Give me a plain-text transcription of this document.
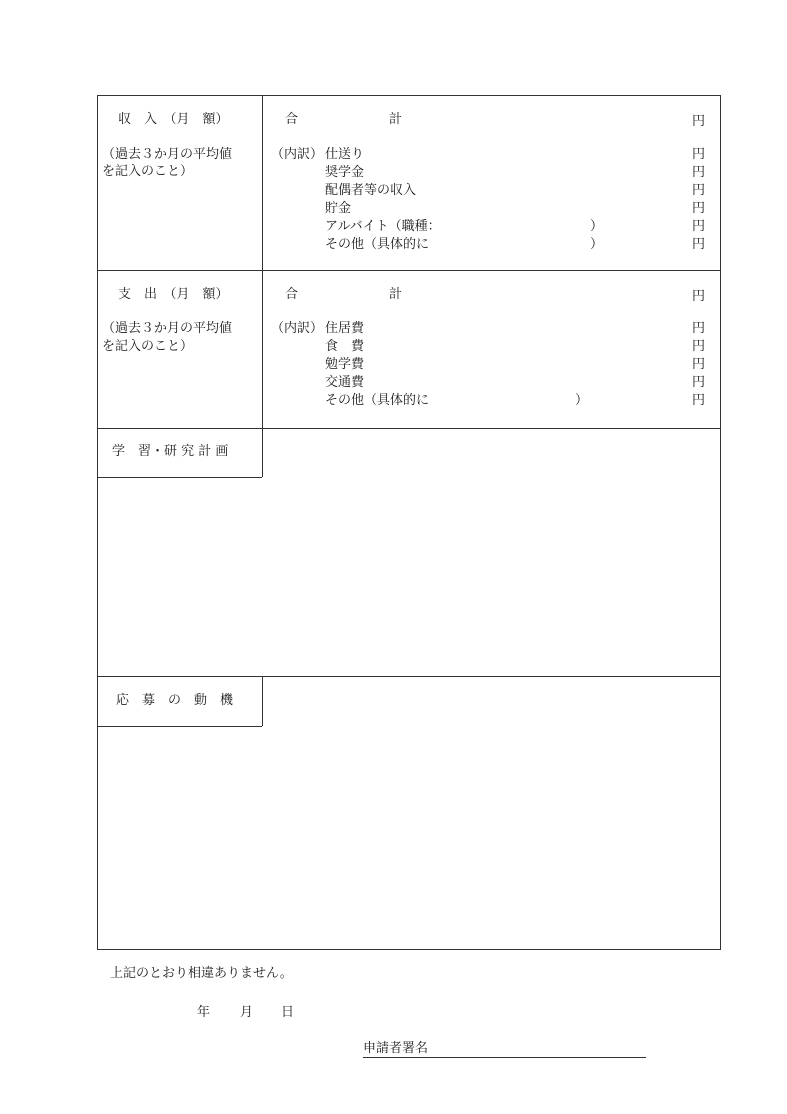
収　入　（月　額）
（過去３か月の平均値
を記入のこと）
合　　　　　　　計	円
（内訳） 仕送り	円
奨学金	円
配偶者等の収入	円
貯金	円
アルバイト（職種：	）	円
その他（具体的に	）	円
支　出　（月　額）
（過去３か月の平均値
を記入のこと）
合　　　　　　　計	円
（内訳） 住居費	円
食　費	円
勉学費	円
交通費	円
その他（具体的に	）	円
学　習・研 究 計 画
応　募　の　動　機
上記のとおり相違ありません。
年 月 日
申請者署名
